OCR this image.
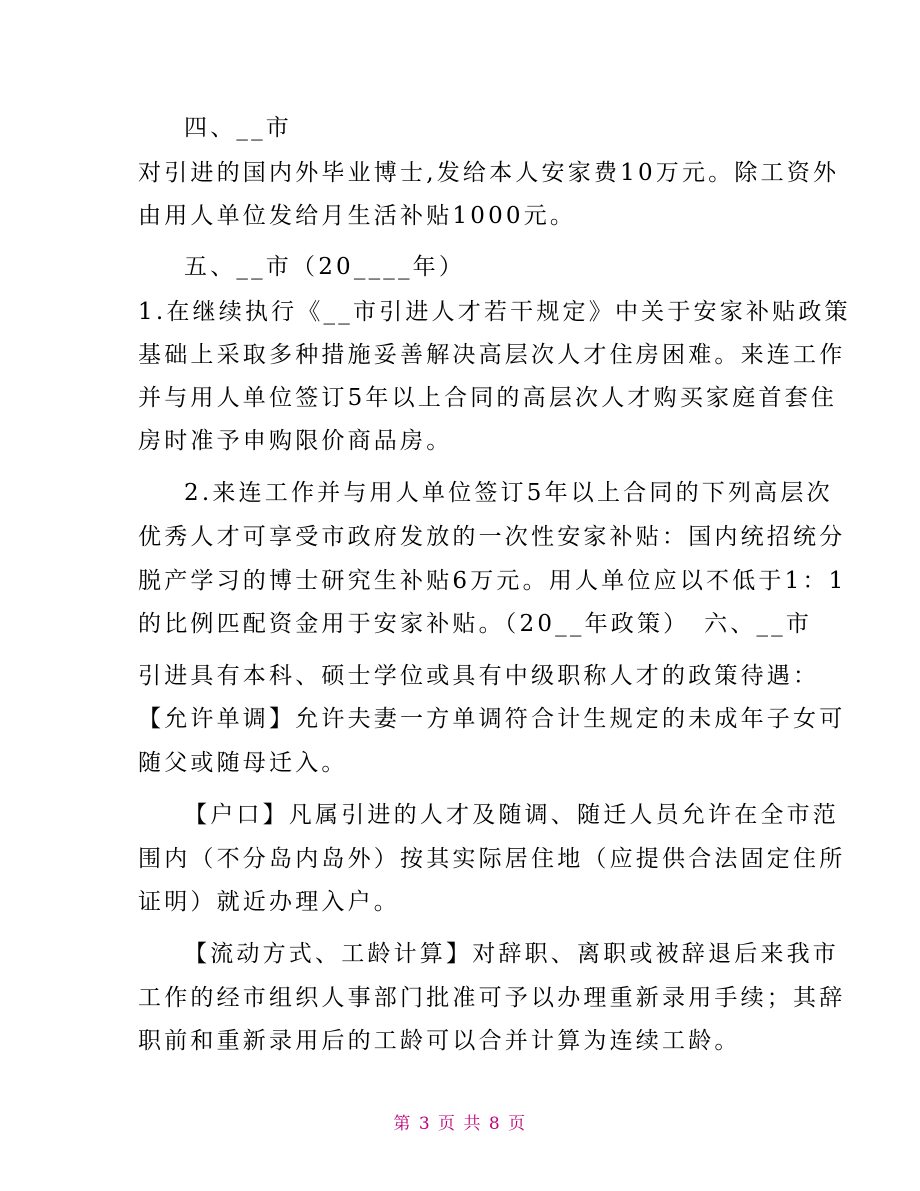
四、__市
对引进的国内外毕业博士,发给本人安家费10万元。除工资外
由用人单位发给月生活补贴1000元。
五、__市（20____年）
1.在继续执行《__市引进人才若干规定》中关于安家补贴政策
基础上采取多种措施妥善解决高层次人才住房困难。来连工作
并与用人单位签订5年以上合同的高层次人才购买家庭首套住
房时准予申购限价商品房。
2.来连工作并与用人单位签订5年以上合同的下列高层次
优秀人才可享受市政府发放的一次性安家补贴：国内统招统分
脱产学习的博士研究生补贴6万元。用人单位应以不低于1：1
的比例匹配资金用于安家补贴。（20__年政策）　六、__市
引进具有本科、硕士学位或具有中级职称人才的政策待遇：
【允许单调】允许夫妻一方单调符合计生规定的未成年子女可
随父或随母迁入。
【户口】凡属引进的人才及随调、随迁人员允许在全市范
围内（不分岛内岛外）按其实际居住地（应提供合法固定住所
证明）就近办理入户。
【流动方式、工龄计算】对辞职、离职或被辞退后来我市
工作的经市组织人事部门批准可予以办理重新录用手续；其辞
职前和重新录用后的工龄可以合并计算为连续工龄。
第 3 页 共 8 页
